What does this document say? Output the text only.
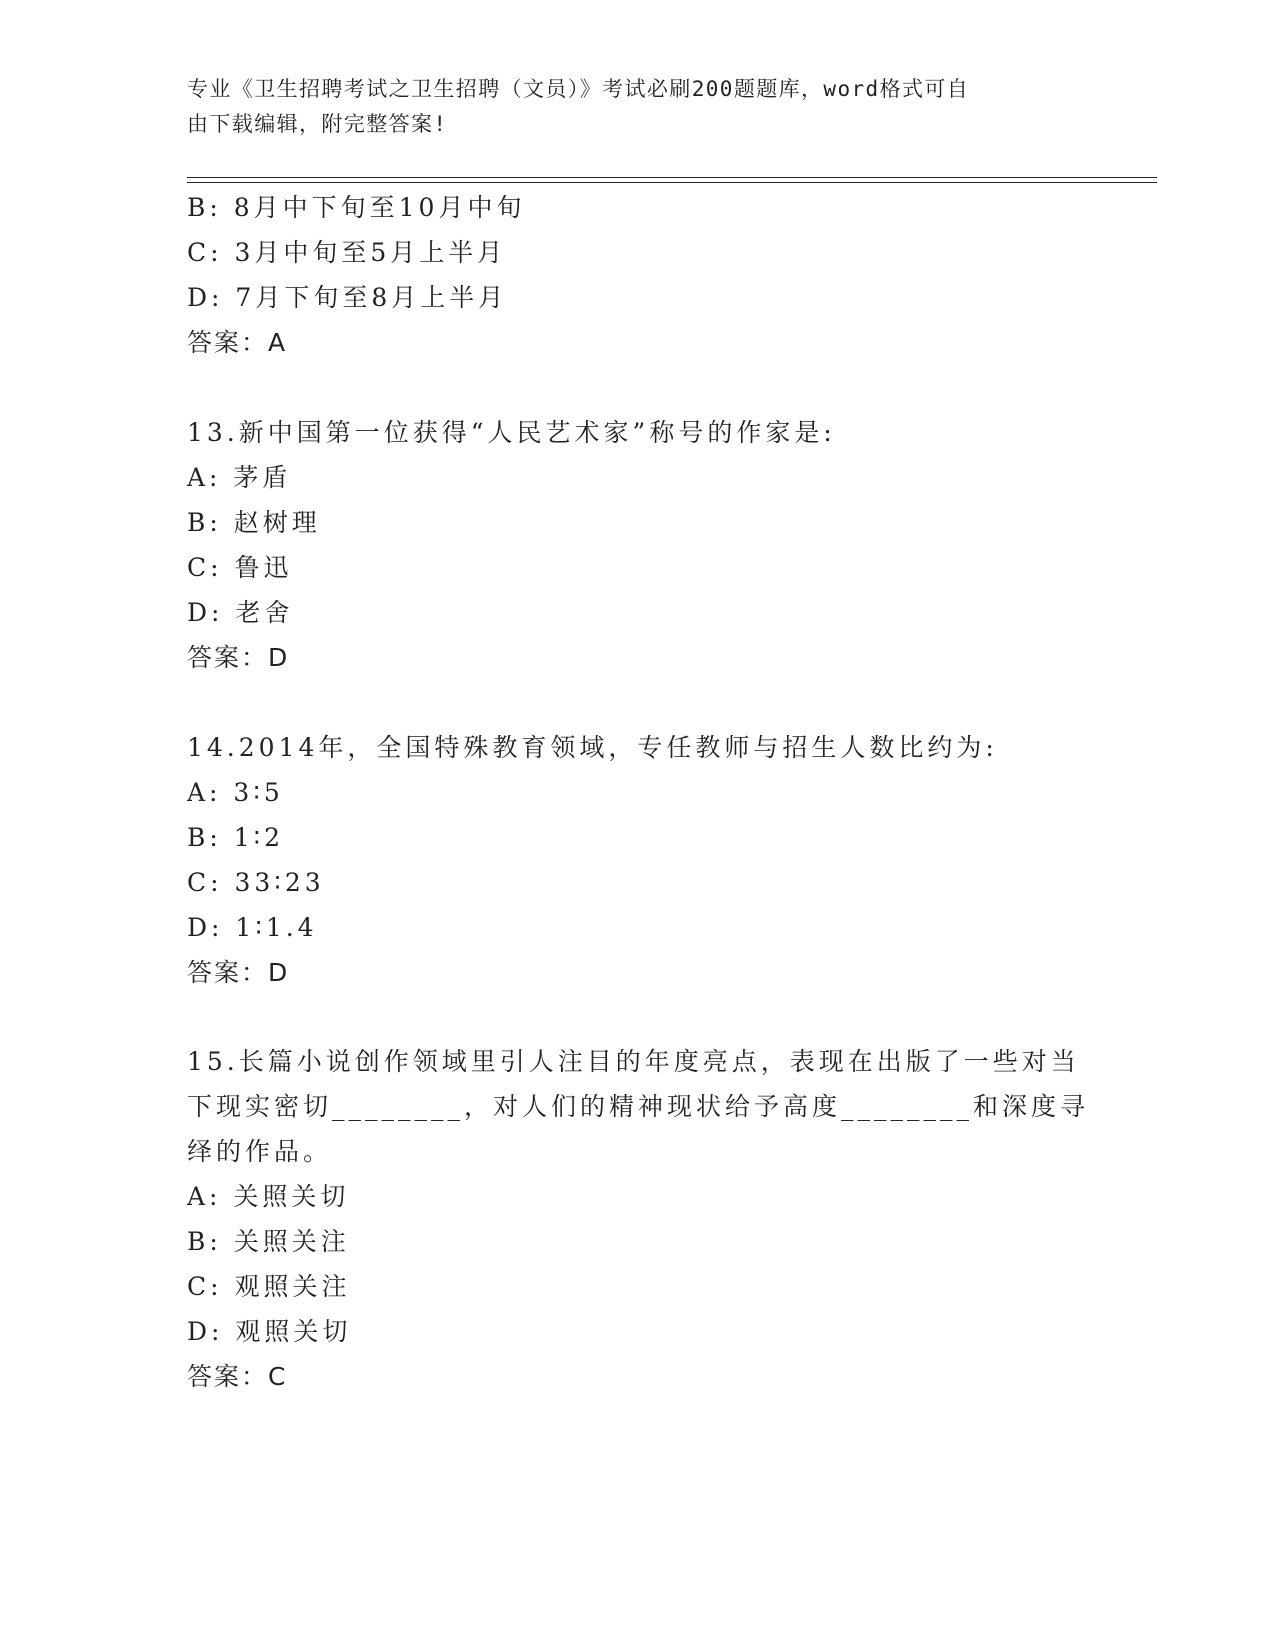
专业《卫生招聘考试之卫生招聘（文员）》考试必刷200题题库，word格式可自
由下载编辑，附完整答案!
B: 8月中下旬至10月中旬
C: 3月中旬至5月上半月
D: 7月下旬至8月上半月
答案：A
13.新中国第一位获得“人民艺术家”称号的作家是:
A: 茅盾
B: 赵树理
C: 鲁迅
D: 老舍
答案：D
14.2014年，全国特殊教育领域，专任教师与招生人数比约为:
A: 3∶5
B: 1∶2
C: 33∶23
D: 1∶1.4
答案：D
15.长篇小说创作领域里引人注目的年度亮点，表现在出版了一些对当
下现实密切________，对人们的精神现状给予高度________和深度寻
绎的作品。
A: 关照关切
B: 关照关注
C: 观照关注
D: 观照关切
答案：C
